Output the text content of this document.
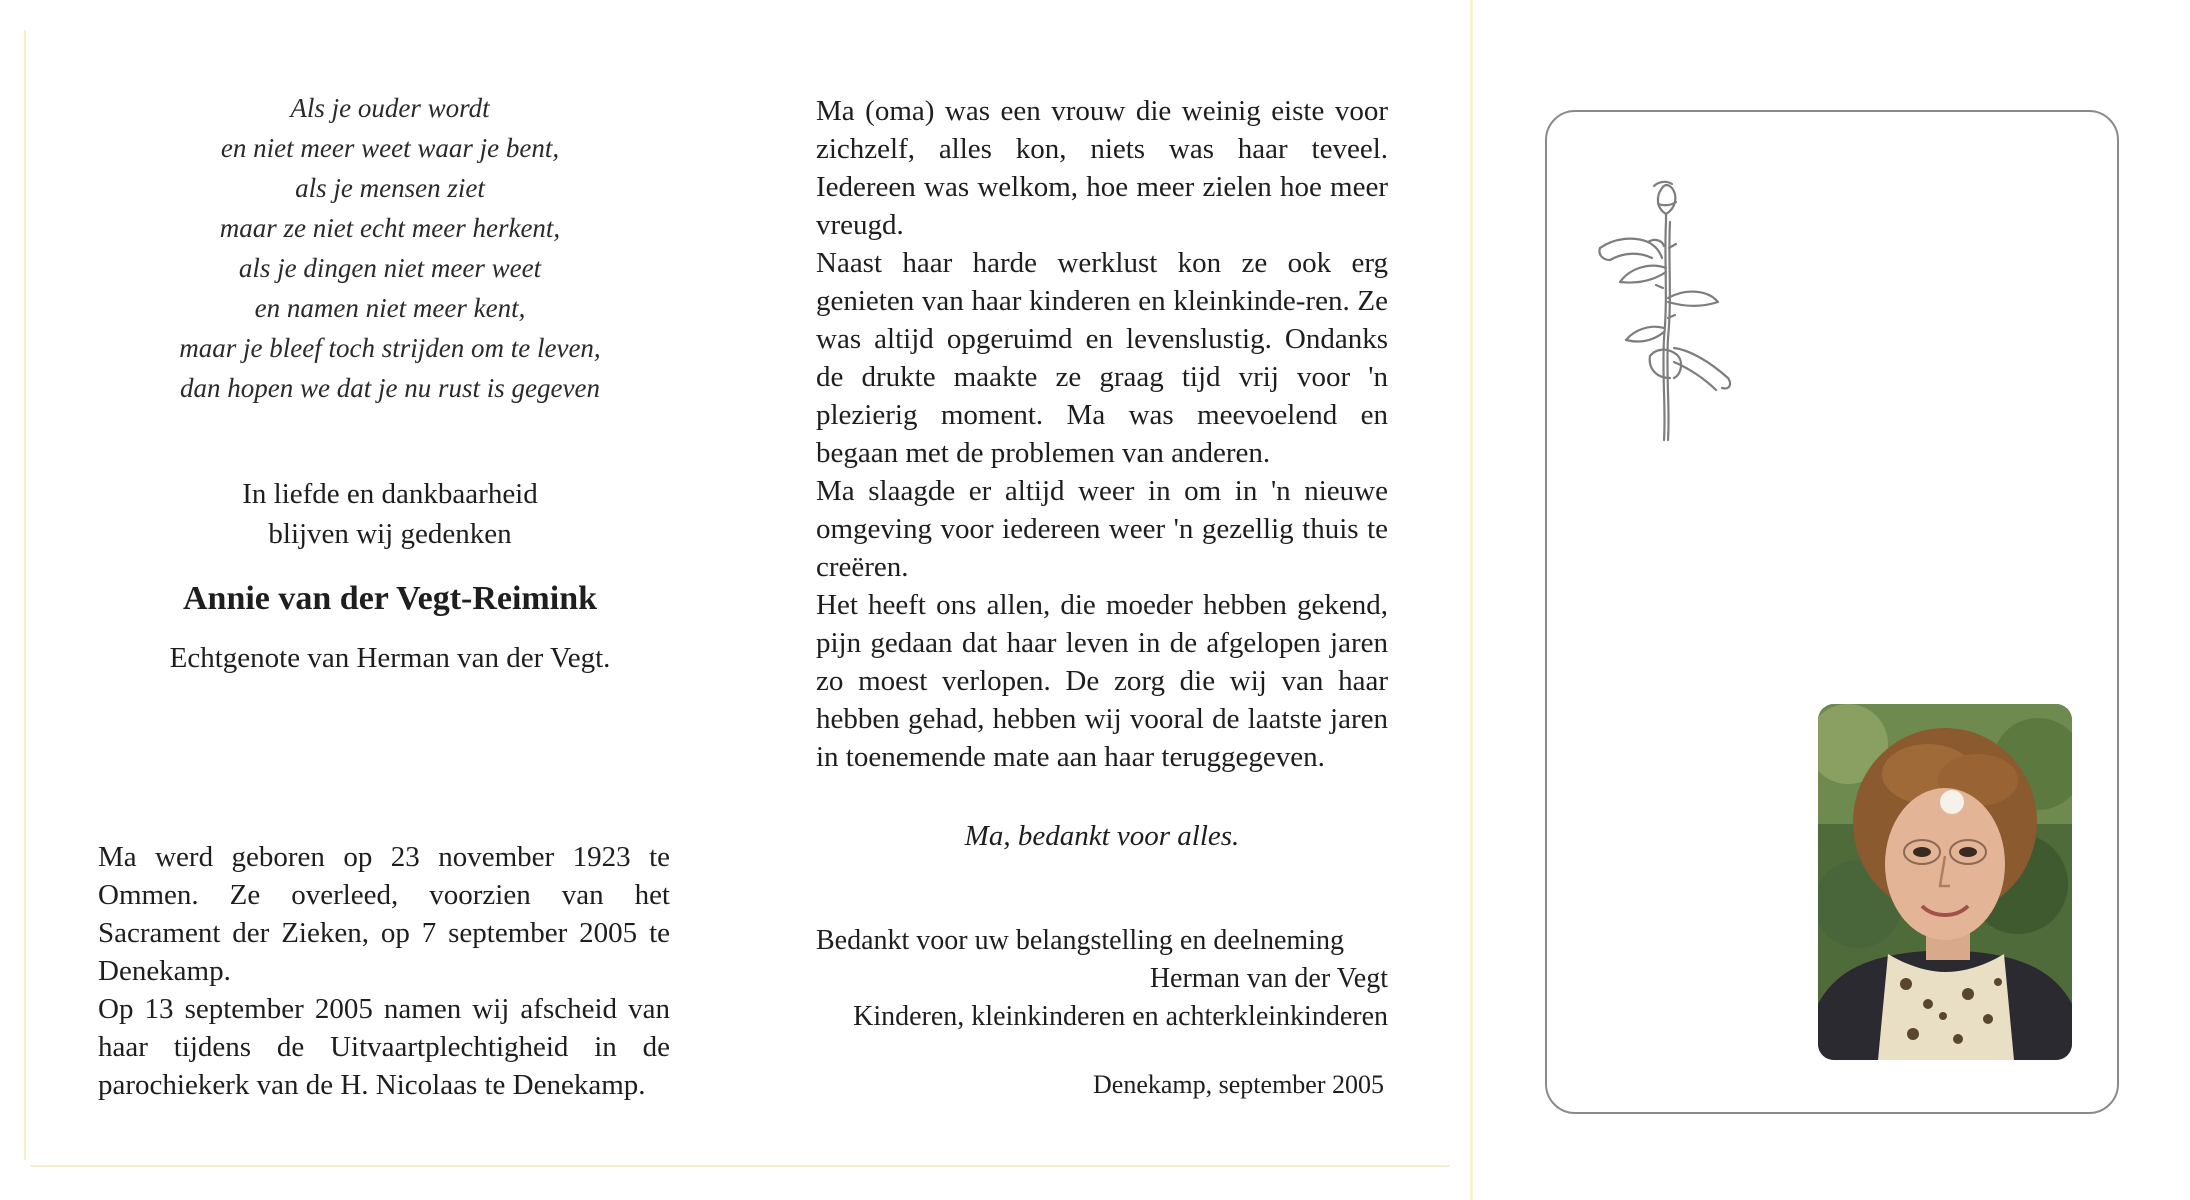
Als je ouder wordt
en niet meer weet waar je bent,
als je mensen ziet
maar ze niet echt meer herkent,
als je dingen niet meer weet
en namen niet meer kent,
maar je bleef toch strijden om te leven,
dan hopen we dat je nu rust is gegeven
In liefde en dankbaarheid
blijven wij gedenken
Annie van der Vegt-Reimink
Echtgenote van Herman van der Vegt.

Ma werd geboren op 23 november 1923 te Ommen. Ze overleed, voorzien van het Sacrament der Zieken, op 7 september 2005 te Denekamp.

Op 13 september 2005 namen wij afscheid van haar tijdens de Uitvaartplechtigheid in de parochiekerk van de H. Nicolaas te Denekamp.

Ma (oma) was een vrouw die weinig eiste voor zichzelf, alles kon, niets was haar teveel. Iedereen was welkom, hoe meer zielen hoe meer vreugd.

Naast haar harde werklust kon ze ook erg genieten van haar kinderen en kleinkinde-ren. Ze was altijd opgeruimd en levenslustig. Ondanks de drukte maakte ze graag tijd vrij voor 'n plezierig moment. Ma was meevoelend en begaan met de problemen van anderen.

Ma slaagde er altijd weer in om in 'n nieuwe omgeving voor iedereen weer 'n gezellig thuis te creëren.

Het heeft ons allen, die moeder hebben gekend, pijn gedaan dat haar leven in de afgelopen jaren zo moest verlopen. De zorg die wij van haar hebben gehad, hebben wij vooral de laatste jaren in toenemende mate aan haar teruggegeven.

Ma, bedankt voor alles.
Bedankt voor uw belangstelling en deelneming
Herman van der Vegt
Kinderen, kleinkinderen en achterkleinkinderen
Denekamp, september 2005
